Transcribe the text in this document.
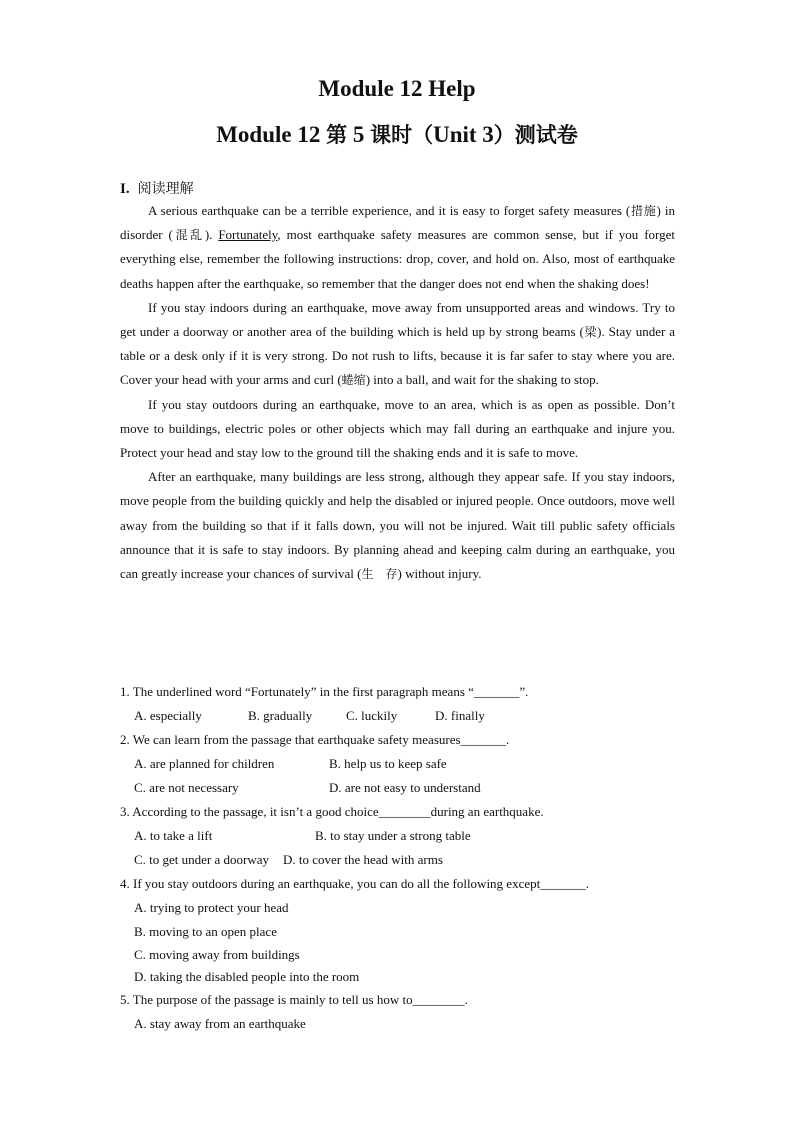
Module 12 Help
Module 12 第 5 课时（Unit 3）测试卷
I. 阅读理解

A serious earthquake can be a terrible experience, and it is easy to forget safety measures (措施) in disorder (混乱). Fortunately, most earthquake safety measures are common sense, but if you forget everything else, remember the following instructions: drop, cover, and hold on. Also, most of earthquake deaths happen after the earthquake, so remember that the danger does not end when the shaking does!

If you stay indoors during an earthquake, move away from unsupported areas and windows. Try to get under a doorway or another area of the building which is held up by strong beams (梁). Stay under a table or a desk only if it is very strong. Do not rush to lifts, because it is far safer to stay where you are. Cover your head with your arms and curl (蜷缩) into a ball, and wait for the shaking to stop.

If you stay outdoors during an earthquake, move to an area, which is as open as possible. Don’t move to buildings, electric poles or other objects which may fall during an earthquake and injure you. Protect your head and stay low to the ground till the shaking ends and it is safe to move.

After an earthquake, many buildings are less strong, although they appear safe. If you stay indoors, move people from the building quickly and help the disabled or injured people. Once outdoors, move well away from the building so that if it falls down, you will not be injured. Wait till public safety officials announce that it is safe to stay indoors. By planning ahead and keeping calm during an earthquake, you can greatly increase your chances of survival (生　存) without injury.

1. The underlined word “Fortunately” in the first paragraph means “_______”.
A. especially	B. gradually	C. luckily	D. finally
2. We can learn from the passage that earthquake safety measures_______.
A. are planned for children	B. help us to keep safe
C. are not necessary	D. are not easy to understand
3. According to the passage, it isn’t a good choice________during an earthquake.
A. to take a lift	B. to stay under a strong table
C. to get under a doorway D. to cover the head with arms
4. If you stay outdoors during an earthquake, you can do all the following except_______.
A. trying to protect your head
B. moving to an open place
C. moving away from buildings
D. taking the disabled people into the room
5. The purpose of the passage is mainly to tell us how to________.
A. stay away from an earthquake
